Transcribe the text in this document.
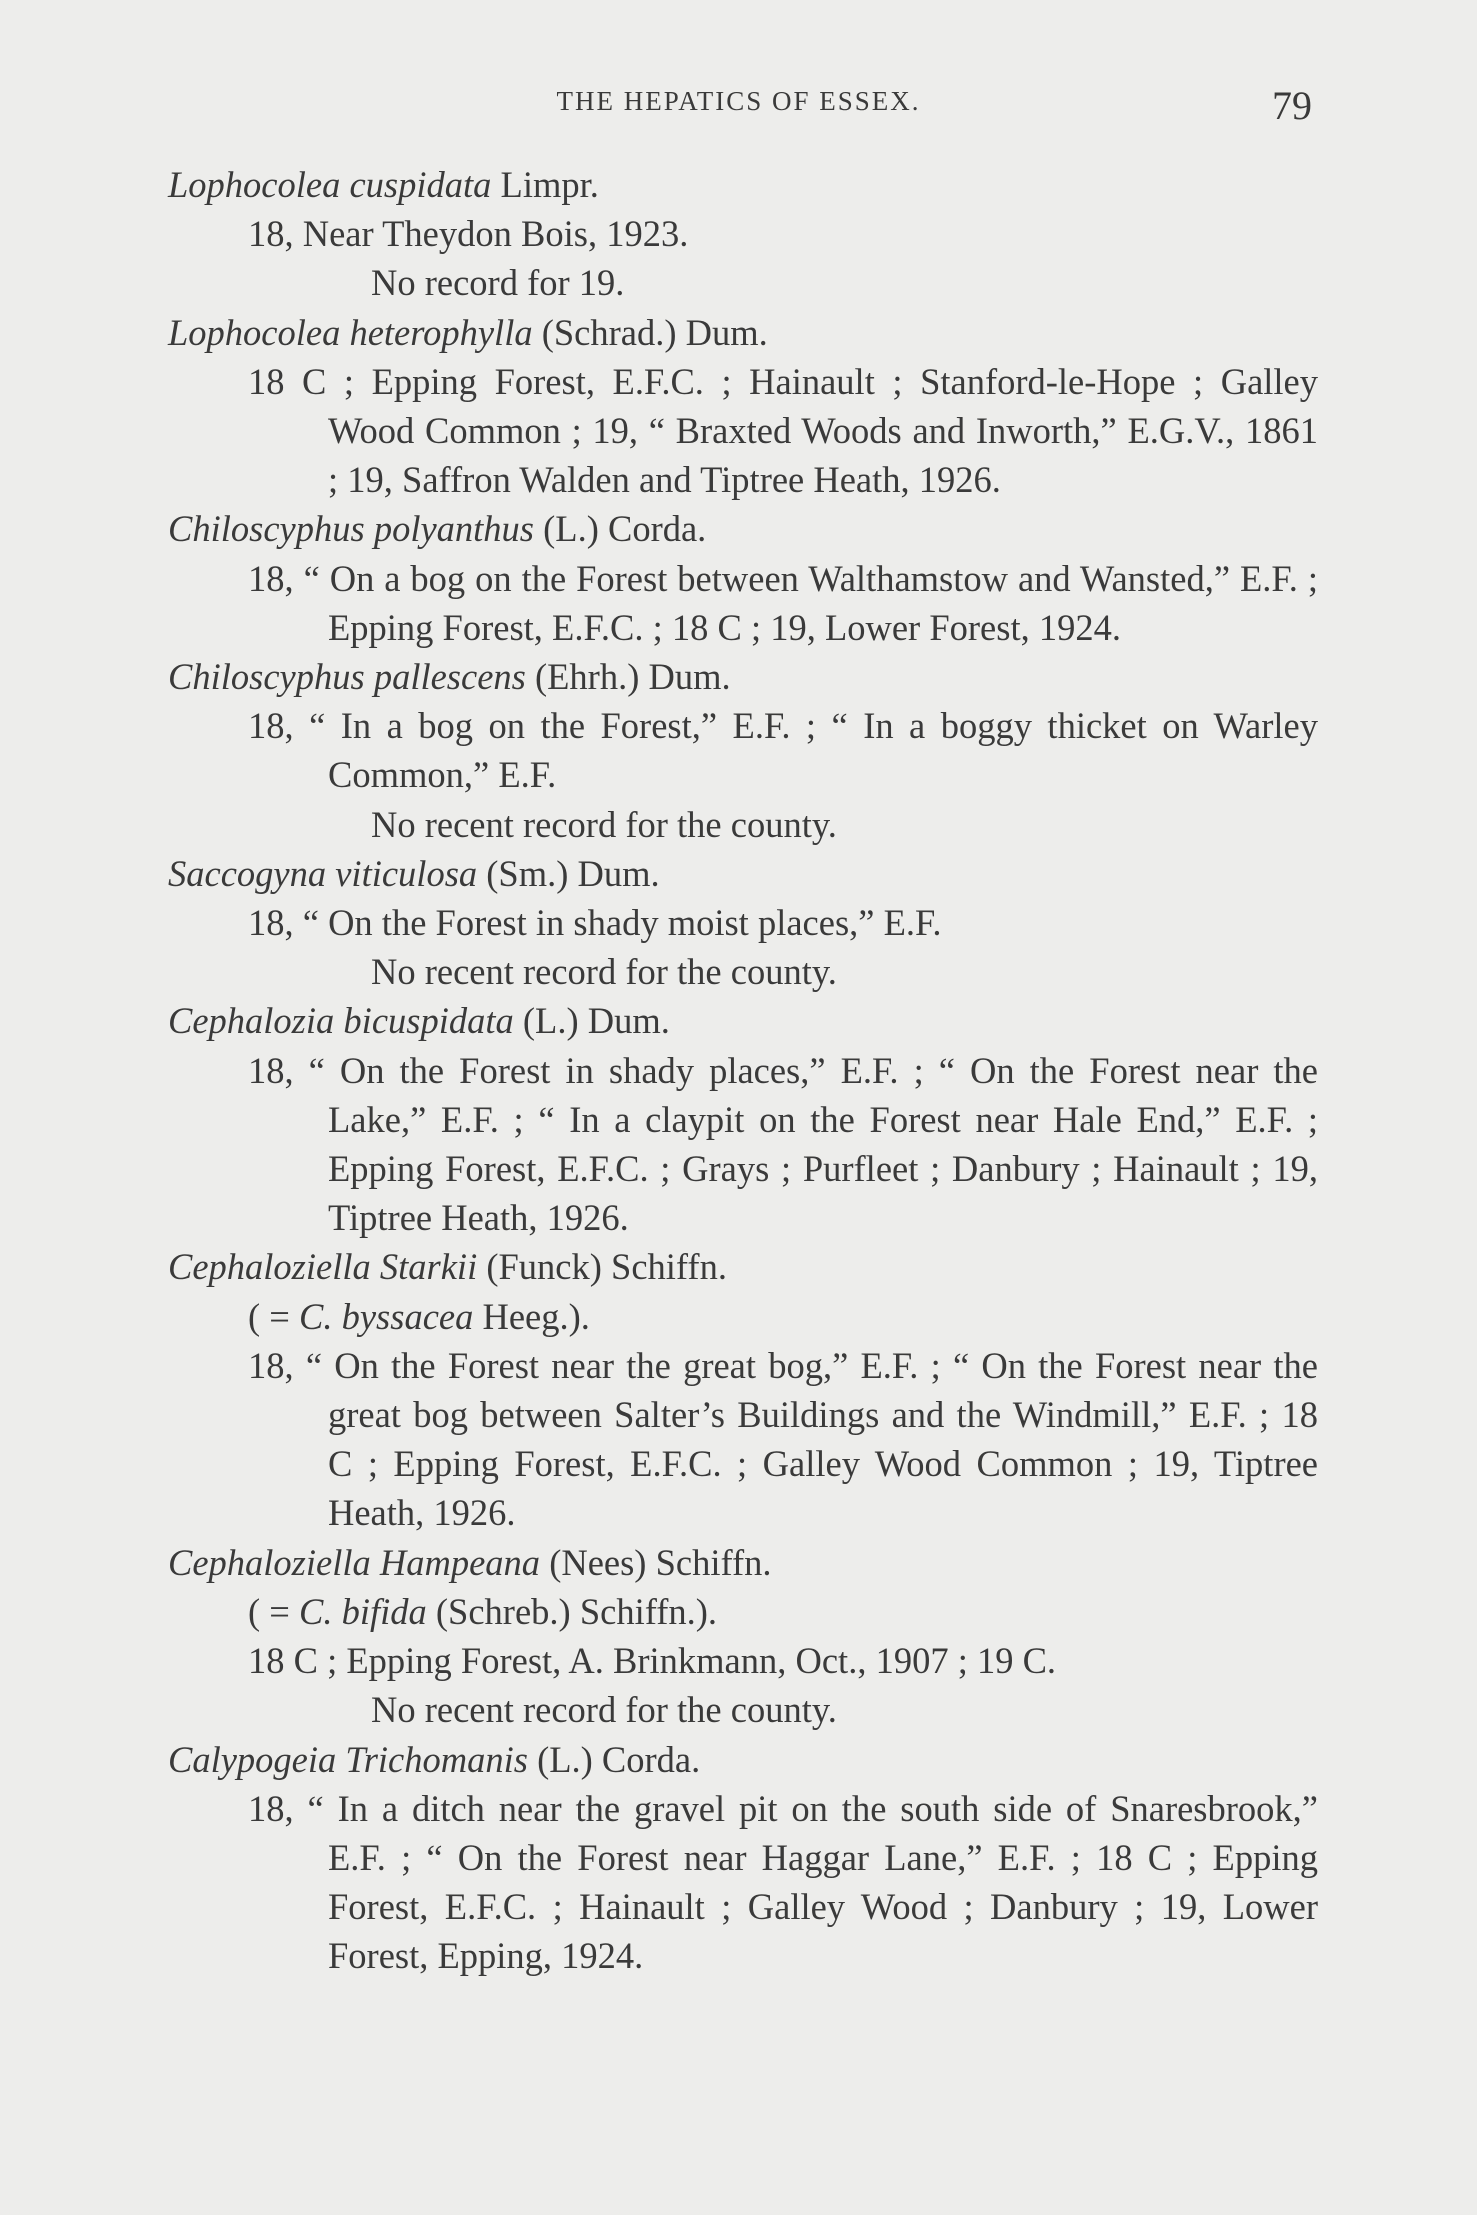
THE HEPATICS OF ESSEX.	79
Lophocolea cuspidata Limpr.
18, Near Theydon Bois, 1923.
No record for 19.
Lophocolea heterophylla (Schrad.) Dum.
18 C ; Epping Forest, E.F.C. ; Hainault ; Stanford-le-Hope ; Galley Wood Common ; 19, “ Braxted Woods and Inworth,” E.G.V., 1861 ; 19, Saffron Walden and Tiptree Heath, 1926.
Chiloscyphus polyanthus (L.) Corda.
18, “ On a bog on the Forest between Walthamstow and Wansted,” E.F. ; Epping Forest, E.F.C. ; 18 C ; 19, Lower Forest, 1924.
Chiloscyphus pallescens (Ehrh.) Dum.
18, “ In a bog on the Forest,” E.F. ; “ In a boggy thicket on Warley Common,” E.F.
No recent record for the county.
Saccogyna viticulosa (Sm.) Dum.
18, “ On the Forest in shady moist places,” E.F.
No recent record for the county.
Cephalozia bicuspidata (L.) Dum.
18, “ On the Forest in shady places,” E.F. ; “ On the Forest near the Lake,” E.F. ; “ In a claypit on the Forest near Hale End,” E.F. ; Epping Forest, E.F.C. ; Grays ; Purfleet ; Danbury ; Hainault ; 19, Tiptree Heath, 1926.
Cephaloziella Starkii (Funck) Schiffn.
( = C. byssacea Heeg.).
18, “ On the Forest near the great bog,” E.F. ; “ On the Forest near the great bog between Salter’s Buildings and the Windmill,” E.F. ; 18 C ; Epping Forest, E.F.C. ; Galley Wood Common ; 19, Tiptree Heath, 1926.
Cephaloziella Hampeana (Nees) Schiffn.
( = C. bifida (Schreb.) Schiffn.).
18 C ; Epping Forest, A. Brinkmann, Oct., 1907 ; 19 C.
No recent record for the county.
Calypogeia Trichomanis (L.) Corda.
18, “ In a ditch near the gravel pit on the south side of Snaresbrook,” E.F. ; “ On the Forest near Haggar Lane,” E.F. ; 18 C ; Epping Forest, E.F.C. ; Hainault ; Galley Wood ; Danbury ; 19, Lower Forest, Epping, 1924.
